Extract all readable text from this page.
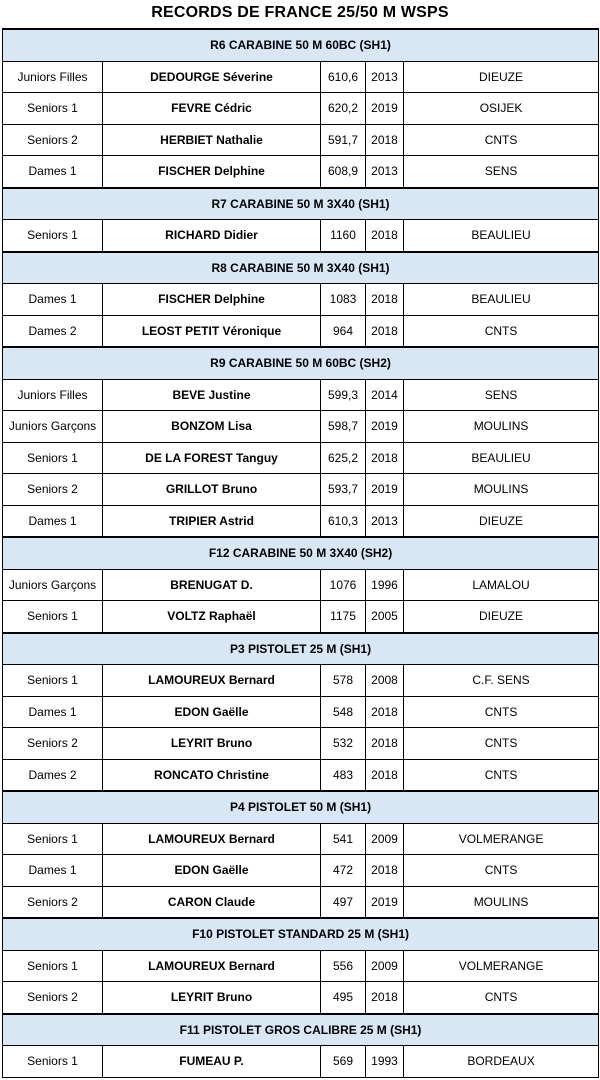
RECORDS DE FRANCE 25/50 M WSPS
R6 CARABINE 50 M 60BC (SH1)				
Juniors Filles	DEDOURGE Séverine	610,6	2013	DIEUZE
Seniors 1	FEVRE Cédric	620,2	2019	OSIJEK
Seniors 2	HERBIET Nathalie	591,7	2018	CNTS
Dames 1	FISCHER Delphine	608,9	2013	SENS
R7 CARABINE 50 M 3X40 (SH1)				
Seniors 1	RICHARD Didier	1160	2018	BEAULIEU
R8 CARABINE 50 M 3X40 (SH1)				
Dames 1	FISCHER Delphine	1083	2018	BEAULIEU
Dames 2	LEOST PETIT Véronique	964	2018	CNTS
R9 CARABINE 50 M 60BC (SH2)				
Juniors Filles	BEVE Justine	599,3	2014	SENS
Juniors Garçons	BONZOM Lisa	598,7	2019	MOULINS
Seniors 1	DE LA FOREST Tanguy	625,2	2018	BEAULIEU
Seniors 2	GRILLOT Bruno	593,7	2019	MOULINS
Dames 1	TRIPIER Astrid	610,3	2013	DIEUZE
F12 CARABINE 50 M 3X40 (SH2)				
Juniors Garçons	BRENUGAT D.	1076	1996	LAMALOU
Seniors 1	VOLTZ Raphaël	1175	2005	DIEUZE
P3 PISTOLET 25 M (SH1)				
Seniors 1	LAMOUREUX Bernard	578	2008	C.F. SENS
Dames 1	EDON Gaëlle	548	2018	CNTS
Seniors 2	LEYRIT Bruno	532	2018	CNTS
Dames 2	RONCATO Christine	483	2018	CNTS
P4 PISTOLET 50 M (SH1)				
Seniors 1	LAMOUREUX Bernard	541	2009	VOLMERANGE
Dames 1	EDON Gaëlle	472	2018	CNTS
Seniors 2	CARON Claude	497	2019	MOULINS
F10 PISTOLET STANDARD 25 M (SH1)				
Seniors 1	LAMOUREUX Bernard	556	2009	VOLMERANGE
Seniors 2	LEYRIT Bruno	495	2018	CNTS
F11 PISTOLET GROS CALIBRE 25 M (SH1)				
Seniors 1	FUMEAU P.	569	1993	BORDEAUX
